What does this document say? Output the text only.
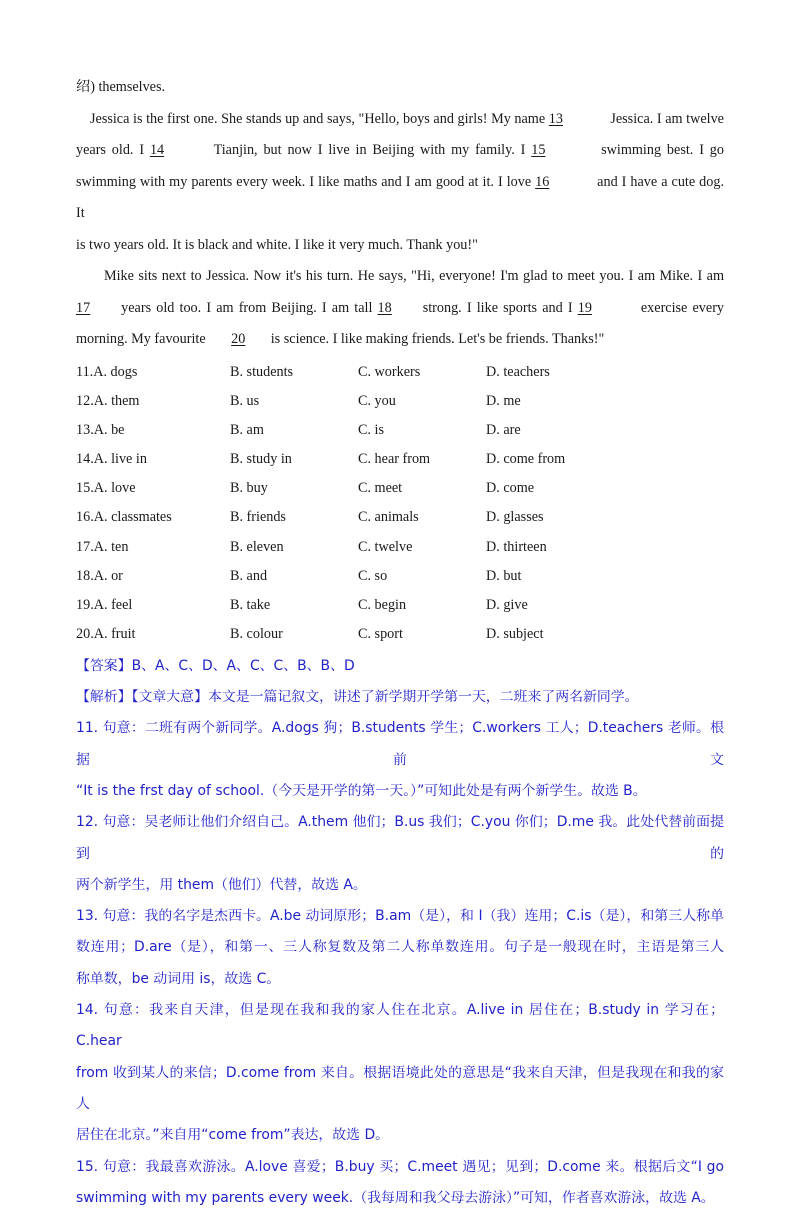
绍) themselves.
Jessica is the first one. She stands up and says, "Hello, boys and girls! My name 13	Jessica. I am twelve
years old. I 14	Tianjin, but now I live in Beijing with my family. I 15	swimming best. I go
swimming with my parents every week. I like maths and I am good at it. I love 16	and I have a cute dog. It
is two years old. It is black and white. I like it very much. Thank you!"
Mike sits next to Jessica. Now it's his turn. He says, "Hi, everyone! I'm glad to meet you. I am Mike. I am
17 years old too. I am from Beijing. I am tall 18 strong. I like sports and I 19	exercise every
morning. My favourite 20 is science. I like making friends. Let's be friends. Thanks!"
11.A. dogs	B. students	C. workers	D. teachers
12.A. them	B. us	C. you	D. me
13.A. be	B. am	C. is	D. are
14.A. live in	B. study in	C. hear from	D. come from
15.A. love	B. buy	C. meet	D. come
16.A. classmates	B. friends	C. animals	D. glasses
17.A. ten	B. eleven	C. twelve	D. thirteen
18.A. or	B. and	C. so	D. but
19.A. feel	B. take	C. begin	D. give
20.A. fruit	B. colour	C. sport	D. subject
【答案】B、A、C、D、A、C、C、B、B、D
【解析】【文章大意】本文是一篇记叙文，讲述了新学期开学第一天，二班来了两名新同学。

11. 句意：二班有两个新同学。A.dogs 狗；B.students 学生；C.workers 工人；D.teachers 老师。根据前文

“It is the frst day of school.（今天是开学的第一天。）”可知此处是有两个新学生。故选 B。

12. 句意：吴老师让他们介绍自己。A.them 他们；B.us 我们；C.you 你们；D.me 我。此处代替前面提到的

两个新学生，用 them（他们）代替，故选 A。

13. 句意：我的名字是杰西卡。A.be 动词原形；B.am（是），和 I（我）连用；C.is（是），和第三人称单

数连用；D.are（是），和第一、三人称复数及第二人称单数连用。句子是一般现在时，主语是第三人

称单数，be 动词用 is，故选 C。

14. 句意：我来自天津，但是现在我和我的家人住在北京。A.live in 居住在；B.study in 学习在；C.hear

from 收到某人的来信；D.come from 来自。根据语境此处的意思是“我来自天津，但是我现在和我的家人

居住在北京。”来自用“come from”表达，故选 D。

15. 句意：我最喜欢游泳。A.love 喜爱；B.buy 买；C.meet 遇见；见到；D.come 来。根据后文“I go

swimming with my parents every week.（我每周和我父母去游泳）”可知，作者喜欢游泳，故选 A。
